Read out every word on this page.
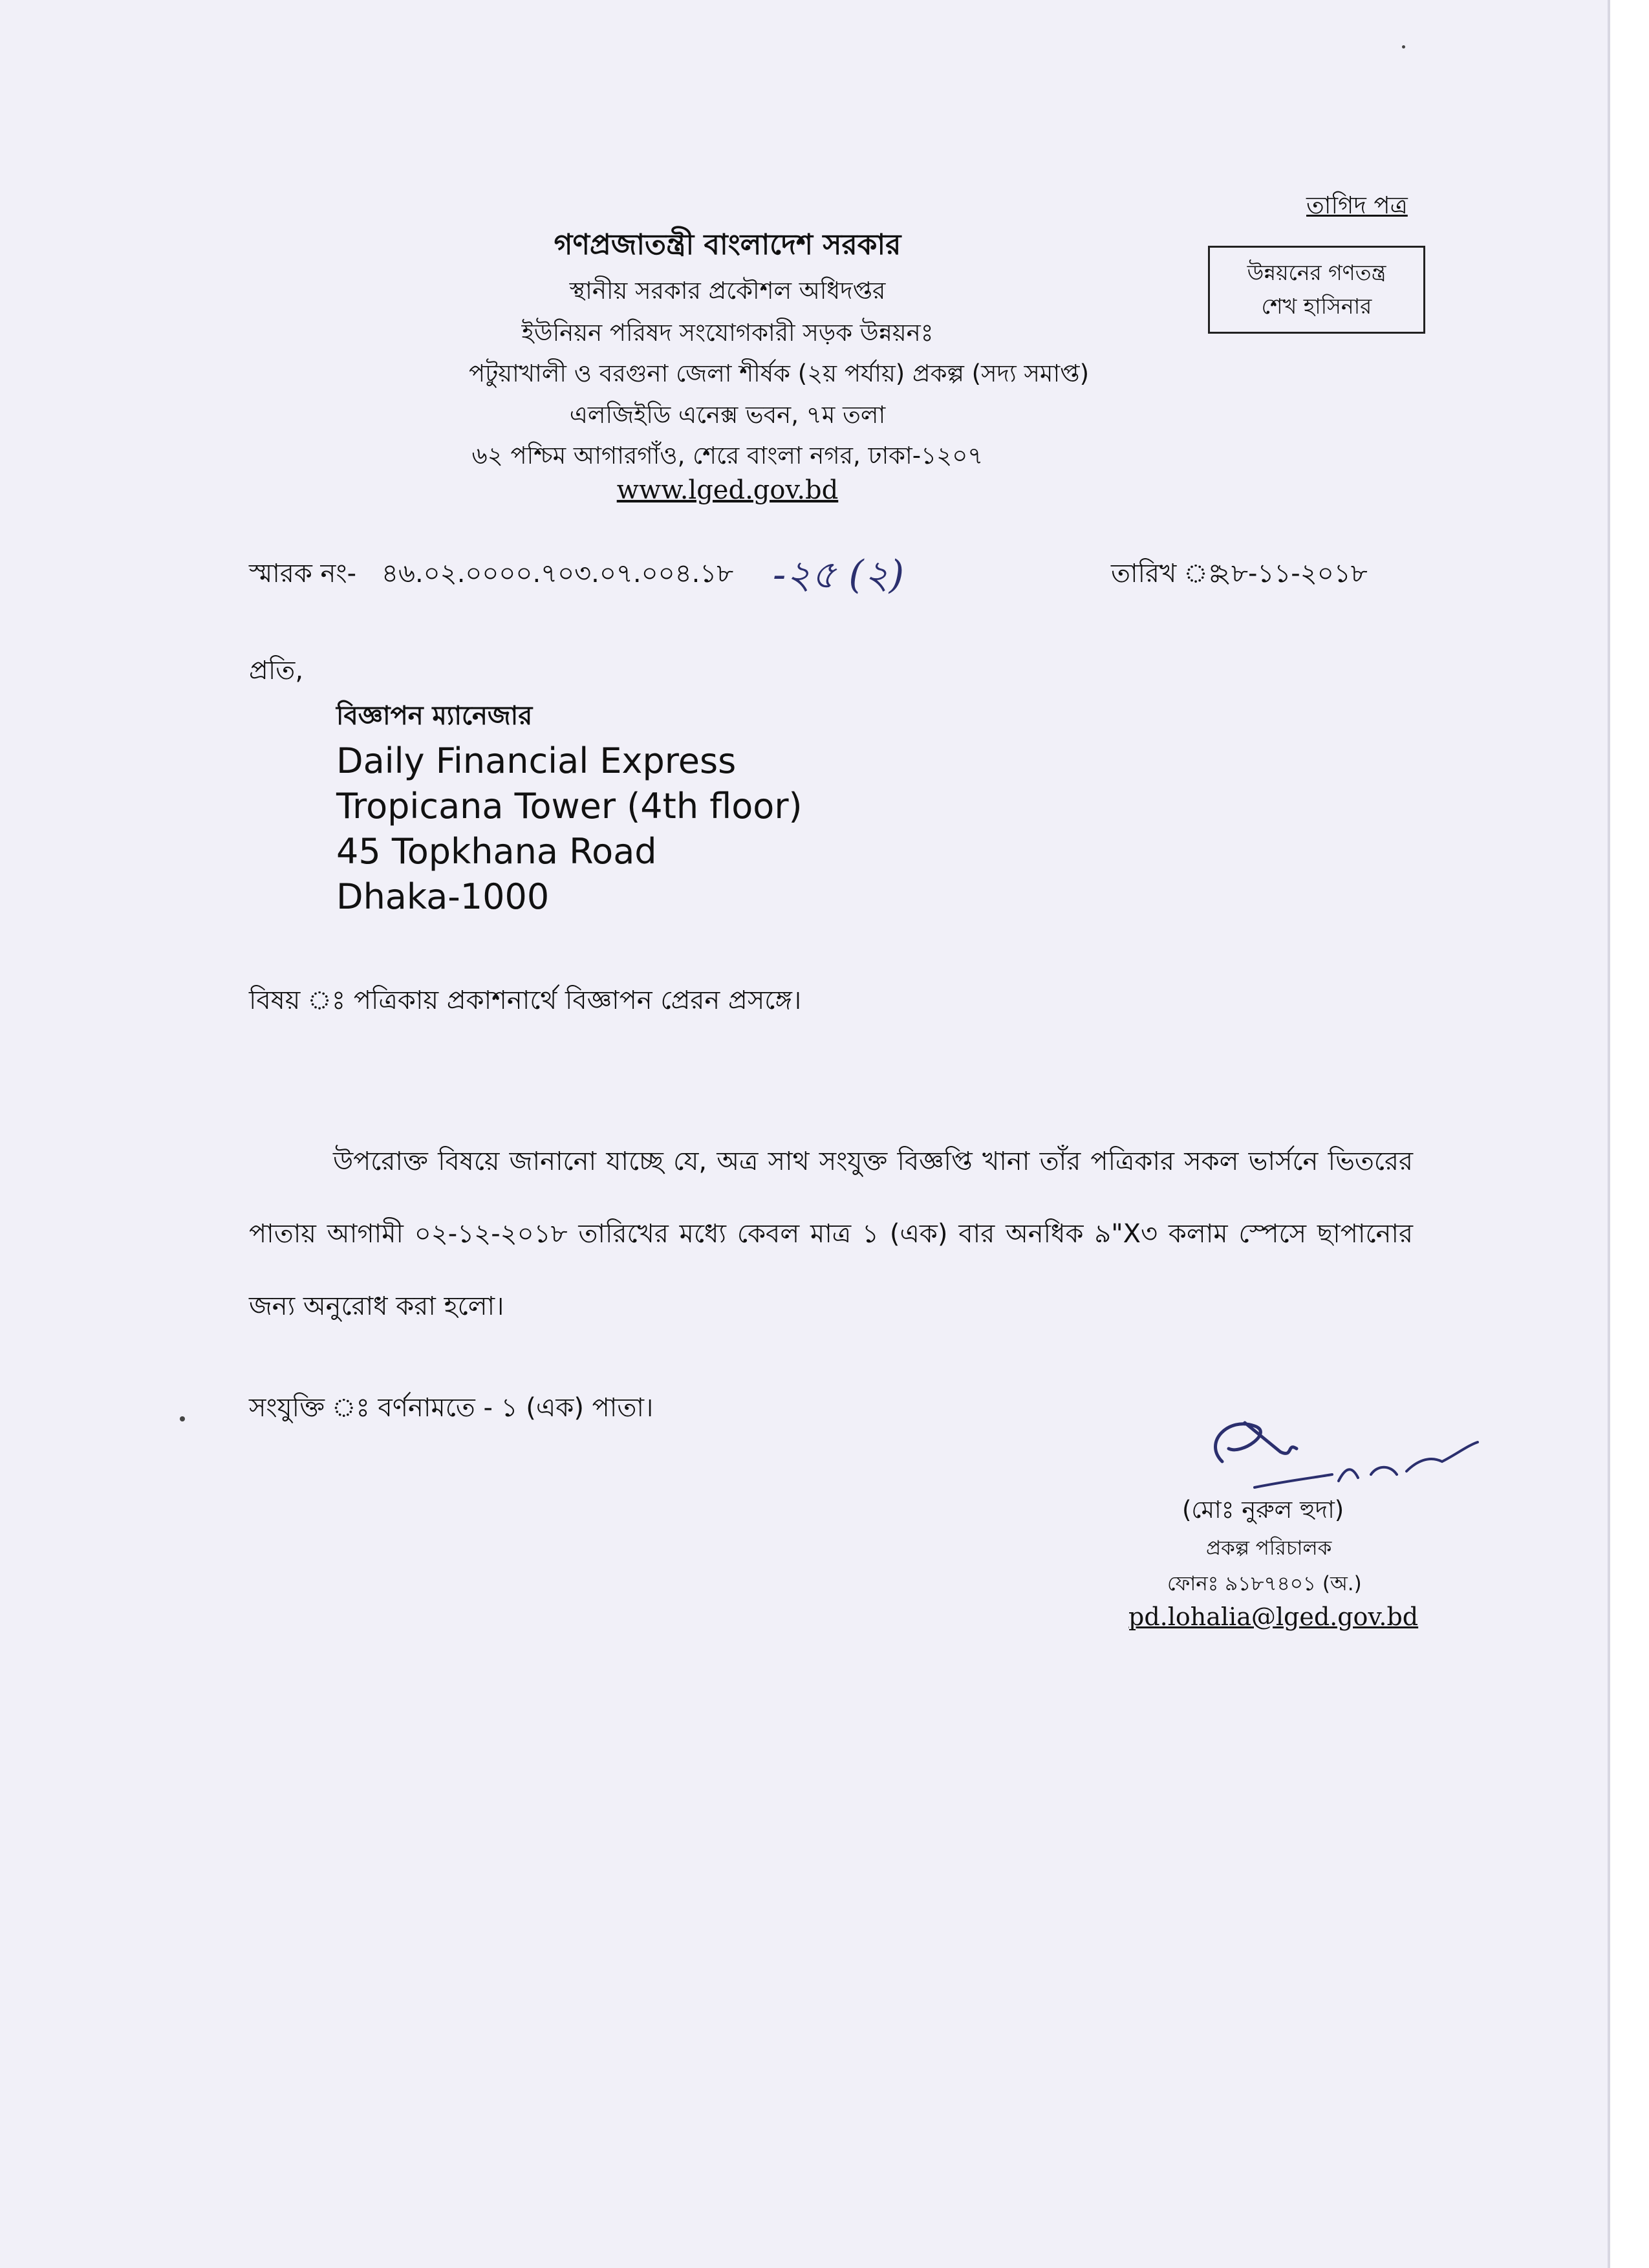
তাগিদ পত্র
উন্নয়নের গণতন্ত্র
শেখ হাসিনার
গণপ্রজাতন্ত্রী বাংলাদেশ সরকার
স্থানীয় সরকার প্রকৌশল অধিদপ্তর
ইউনিয়ন পরিষদ সংযোগকারী সড়ক উন্নয়নঃ
পটুয়াখালী ও বরগুনা জেলা শীর্ষক (২য় পর্যায়) প্রকল্প (সদ্য সমাপ্ত)
এলজিইডি এনেক্স ভবন, ৭ম তলা
৬২ পশ্চিম আগারগাঁও, শেরে বাংলা নগর, ঢাকা-১২০৭
www.lged.gov.bd
স্মারক নং- ৪৬.০২.০০০০.৭০৩.০৭.০০৪.১৮ -২৫ (২)	তারিখ ঃ
২৮-১১-২০১৮
প্রতি,
বিজ্ঞাপন ম্যানেজার
Daily Financial Express
Tropicana Tower (4th floor)
45 Topkhana Road
Dhaka-1000
বিষয় ঃ পত্রিকায় প্রকাশনার্থে বিজ্ঞাপন প্রেরন প্রসঙ্গে।
উপরোক্ত বিষয়ে জানানো যাচ্ছে যে, অত্র সাথ সংযুক্ত বিজ্ঞপ্তি খানা তাঁর পত্রিকার সকল ভার্সনে ভিতরের পাতায় আগামী ০২-১২-২০১৮ তারিখের মধ্যে কেবল মাত্র ১ (এক) বার অনধিক ৯"X৩ কলাম স্পেসে ছাপানোর জন্য অনুরোধ করা হলো।
সংযুক্তি ঃ বর্ণনামতে - ১ (এক) পাতা।
(মোঃ নুরুল হুদা)
প্রকল্প পরিচালক
ফোনঃ ৯১৮৭৪০১ (অ.)
pd.lohalia@lged.gov.bd
